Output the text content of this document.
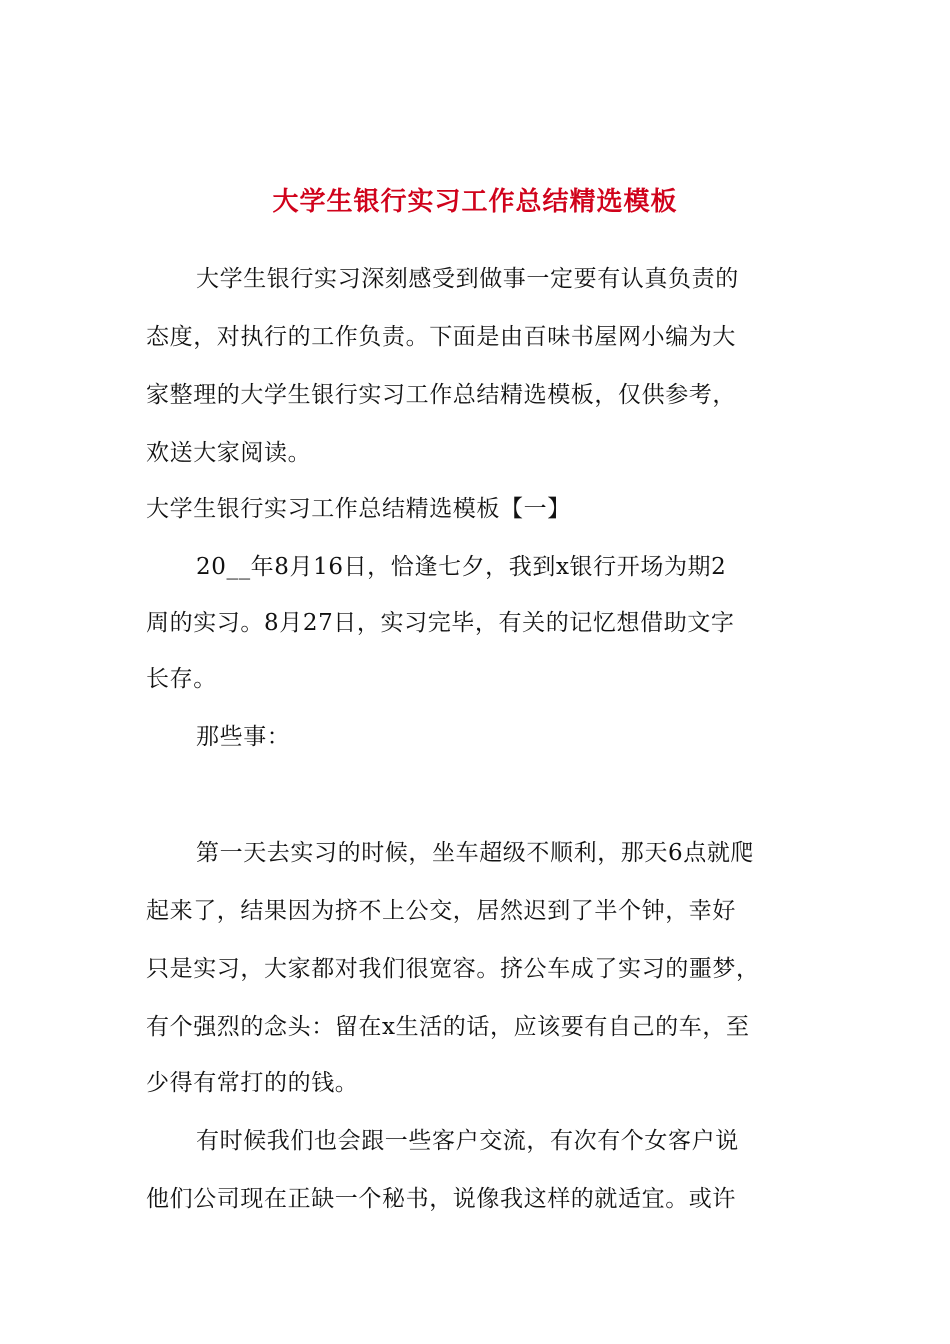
大学生银行实习工作总结精选模板

大学生银行实习深刻感受到做事一定要有认真负责的

态度，对执行的工作负责。下面是由百味书屋网小编为大

家整理的大学生银行实习工作总结精选模板，仅供参考，

欢送大家阅读。

大学生银行实习工作总结精选模板【一】

20__年8月16日，恰逢七夕，我到x银行开场为期2

周的实习。8月27日，实习完毕，有关的记忆想借助文字

长存。

那些事：

第一天去实习的时候，坐车超级不顺利，那天6点就爬

起来了，结果因为挤不上公交，居然迟到了半个钟，幸好

只是实习，大家都对我们很宽容。挤公车成了实习的噩梦，

有个强烈的念头：留在x生活的话，应该要有自己的车，至

少得有常打的的钱。

有时候我们也会跟一些客户交流，有次有个女客户说

他们公司现在正缺一个秘书，说像我这样的就适宜。或许
